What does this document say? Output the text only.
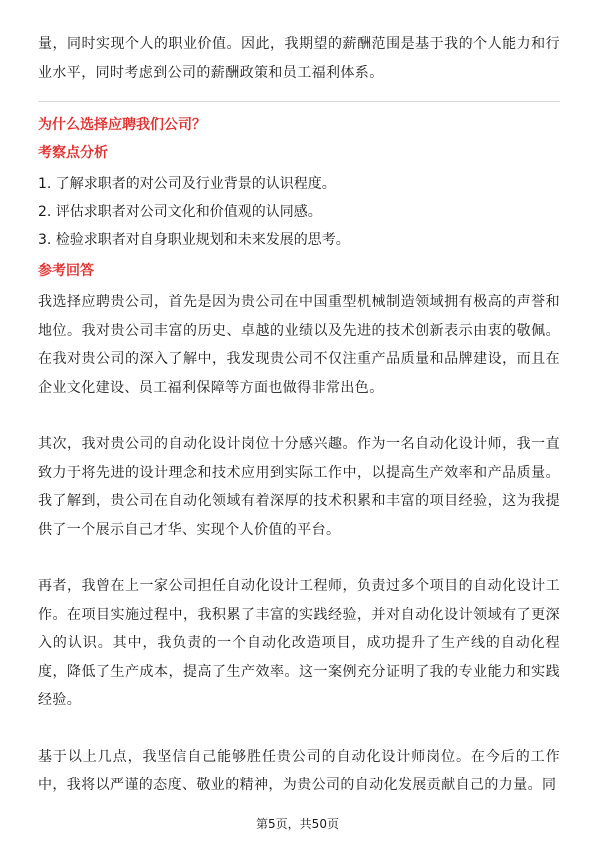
量，同时实现个人的职业价值。因此，我期望的薪酬范围是基于我的个人能力和行业水平，同时考虑到公司的薪酬政策和员工福利体系。

为什么选择应聘我们公司？

考察点分析

1. 了解求职者的对公司及行业背景的认识程度。

2. 评估求职者对公司文化和价值观的认同感。

3. 检验求职者对自身职业规划和未来发展的思考。

参考回答

我选择应聘贵公司，首先是因为贵公司在中国重型机械制造领域拥有极高的声誉和地位。我对贵公司丰富的历史、卓越的业绩以及先进的技术创新表示由衷的敬佩。在我对贵公司的深入了解中，我发现贵公司不仅注重产品质量和品牌建设，而且在企业文化建设、员工福利保障等方面也做得非常出色。

其次，我对贵公司的自动化设计岗位十分感兴趣。作为一名自动化设计师，我一直致力于将先进的设计理念和技术应用到实际工作中，以提高生产效率和产品质量。我了解到，贵公司在自动化领域有着深厚的技术积累和丰富的项目经验，这为我提供了一个展示自己才华、实现个人价值的平台。

再者，我曾在上一家公司担任自动化设计工程师，负责过多个项目的自动化设计工作。在项目实施过程中，我积累了丰富的实践经验，并对自动化设计领域有了更深入的认识。其中，我负责的一个自动化改造项目，成功提升了生产线的自动化程度，降低了生产成本，提高了生产效率。这一案例充分证明了我的专业能力和实践经验。

基于以上几点，我坚信自己能够胜任贵公司的自动化设计师岗位。在今后的工作中，我将以严谨的态度、敬业的精神，为贵公司的自动化发展贡献自己的力量。同

第5页，共50页
